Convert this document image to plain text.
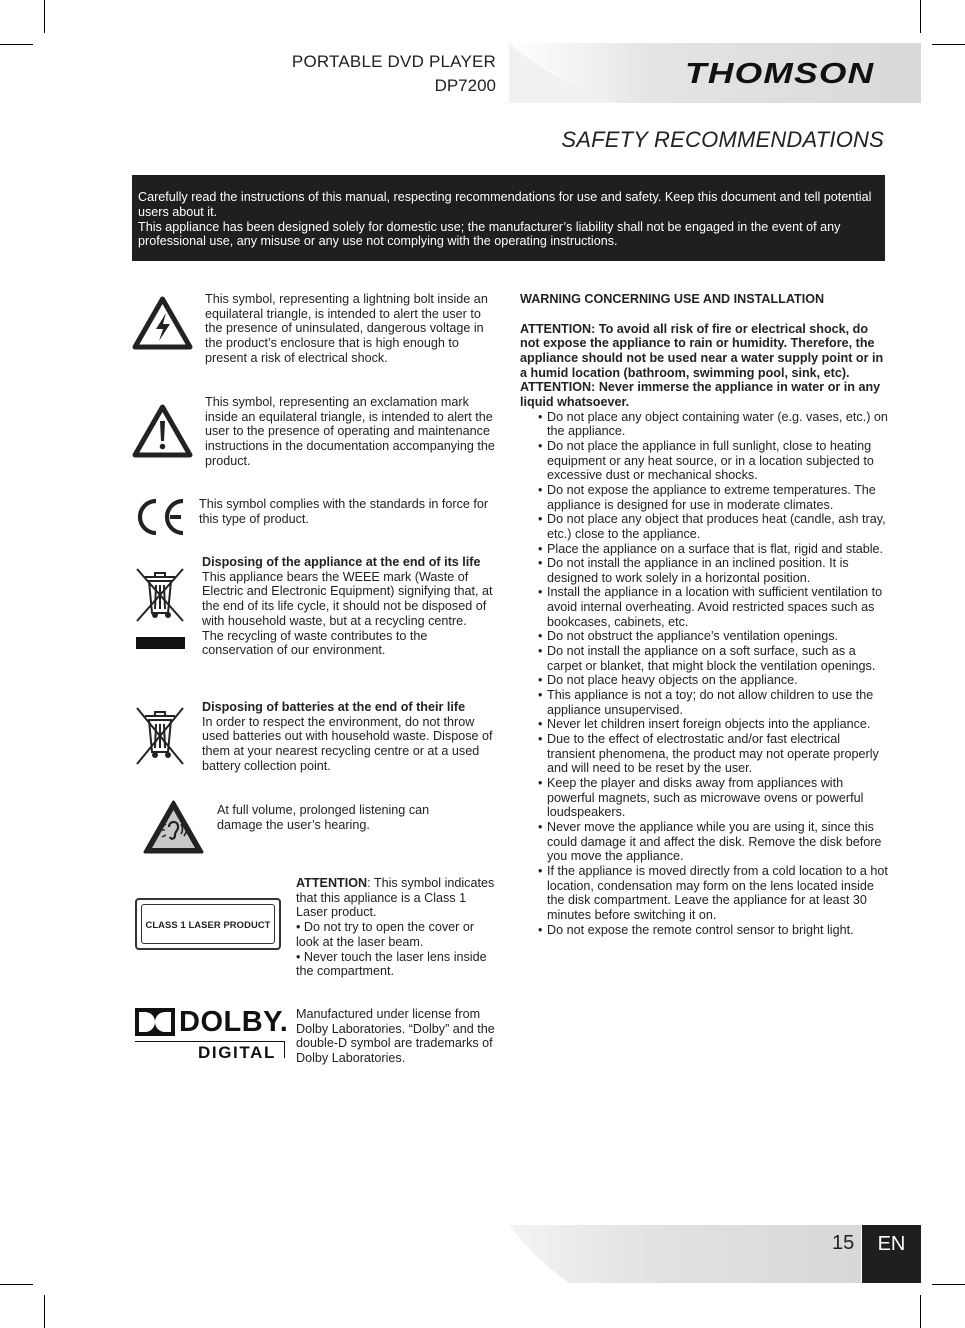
PORTABLE DVD PLAYER
DP7200	THOMSON
SAFETY RECOMMENDATIONS
Carefully read the instructions of this manual, respecting recommendations for use and safety. Keep this document and tell potential users about it.
This appliance has been designed solely for domestic use; the manufacturer’s liability shall not be engaged in the event of any professional use, any misuse or any use not complying with the operating instructions.
This symbol, representing a lightning bolt inside an equilateral triangle, is intended to alert the user to the presence of uninsulated, dangerous voltage in the product’s enclosure that is high enough to present a risk of electrical shock.
This symbol, representing an exclamation mark inside an equilateral triangle, is intended to alert the user to the presence of operating and maintenance instructions in the documentation accompanying the product.
This symbol complies with the standards in force for this type of product.
Disposing of the appliance at the end of its life
This appliance bears the WEEE mark (Waste of Electric and Electronic Equipment) signifying that, at the end of its life cycle, it should not be disposed of with household waste, but at a recycling centre.
The recycling of waste contributes to the conservation of our environment.
Disposing of batteries at the end of their life
In order to respect the environment, do not throw used batteries out with household waste. Dispose of them at your nearest recycling centre or at a used battery collection point.
At full volume, prolonged listening can damage the user’s hearing.
CLASS 1 LASER PRODUCT
ATTENTION: This symbol indicates that this appliance is a Class 1 Laser product.
• Do not try to open the cover or look at the laser beam.
• Never touch the laser lens inside the compartment.
DOLBY.
DIGITAL
Manufactured under license from Dolby Laboratories. “Dolby” and the double-D symbol are trademarks of Dolby Laboratories.
WARNING CONCERNING USE AND INSTALLATION
ATTENTION: To avoid all risk of fire or electrical shock, do not expose the appliance to rain or humidity. Therefore, the appliance should not be used near a water supply point or in a humid location (bathroom, swimming pool, sink, etc).
ATTENTION: Never immerse the appliance in water or in any liquid whatsoever.
• Do not place any object containing water (e.g. vases, etc.) on the appliance.
• Do not place the appliance in full sunlight, close to heating equipment or any heat source, or in a location subjected to excessive dust or mechanical shocks.
• Do not expose the appliance to extreme temperatures. The appliance is designed for use in moderate climates.
• Do not place any object that produces heat (candle, ash tray, etc.) close to the appliance.
• Place the appliance on a surface that is flat, rigid and stable.
• Do not install the appliance in an inclined position. It is designed to work solely in a horizontal position.
• Install the appliance in a location with sufficient ventilation to avoid internal overheating. Avoid restricted spaces such as bookcases, cabinets, etc.
• Do not obstruct the appliance’s ventilation openings.
• Do not install the appliance on a soft surface, such as a carpet or blanket, that might block the ventilation openings.
• Do not place heavy objects on the appliance.
• This appliance is not a toy; do not allow children to use the appliance unsupervised.
• Never let children insert foreign objects into the appliance.
• Due to the effect of electrostatic and/or fast electrical transient phenomena, the product may not operate properly and will need to be reset by the user.
• Keep the player and disks away from appliances with powerful magnets, such as microwave ovens or powerful loudspeakers.
• Never move the appliance while you are using it, since this could damage it and affect the disk. Remove the disk before you move the appliance.
• If the appliance is moved directly from a cold location to a hot location, condensation may form on the lens located inside the disk compartment. Leave the appliance for at least 30 minutes before switching it on.
• Do not expose the remote control sensor to bright light.
15	EN
